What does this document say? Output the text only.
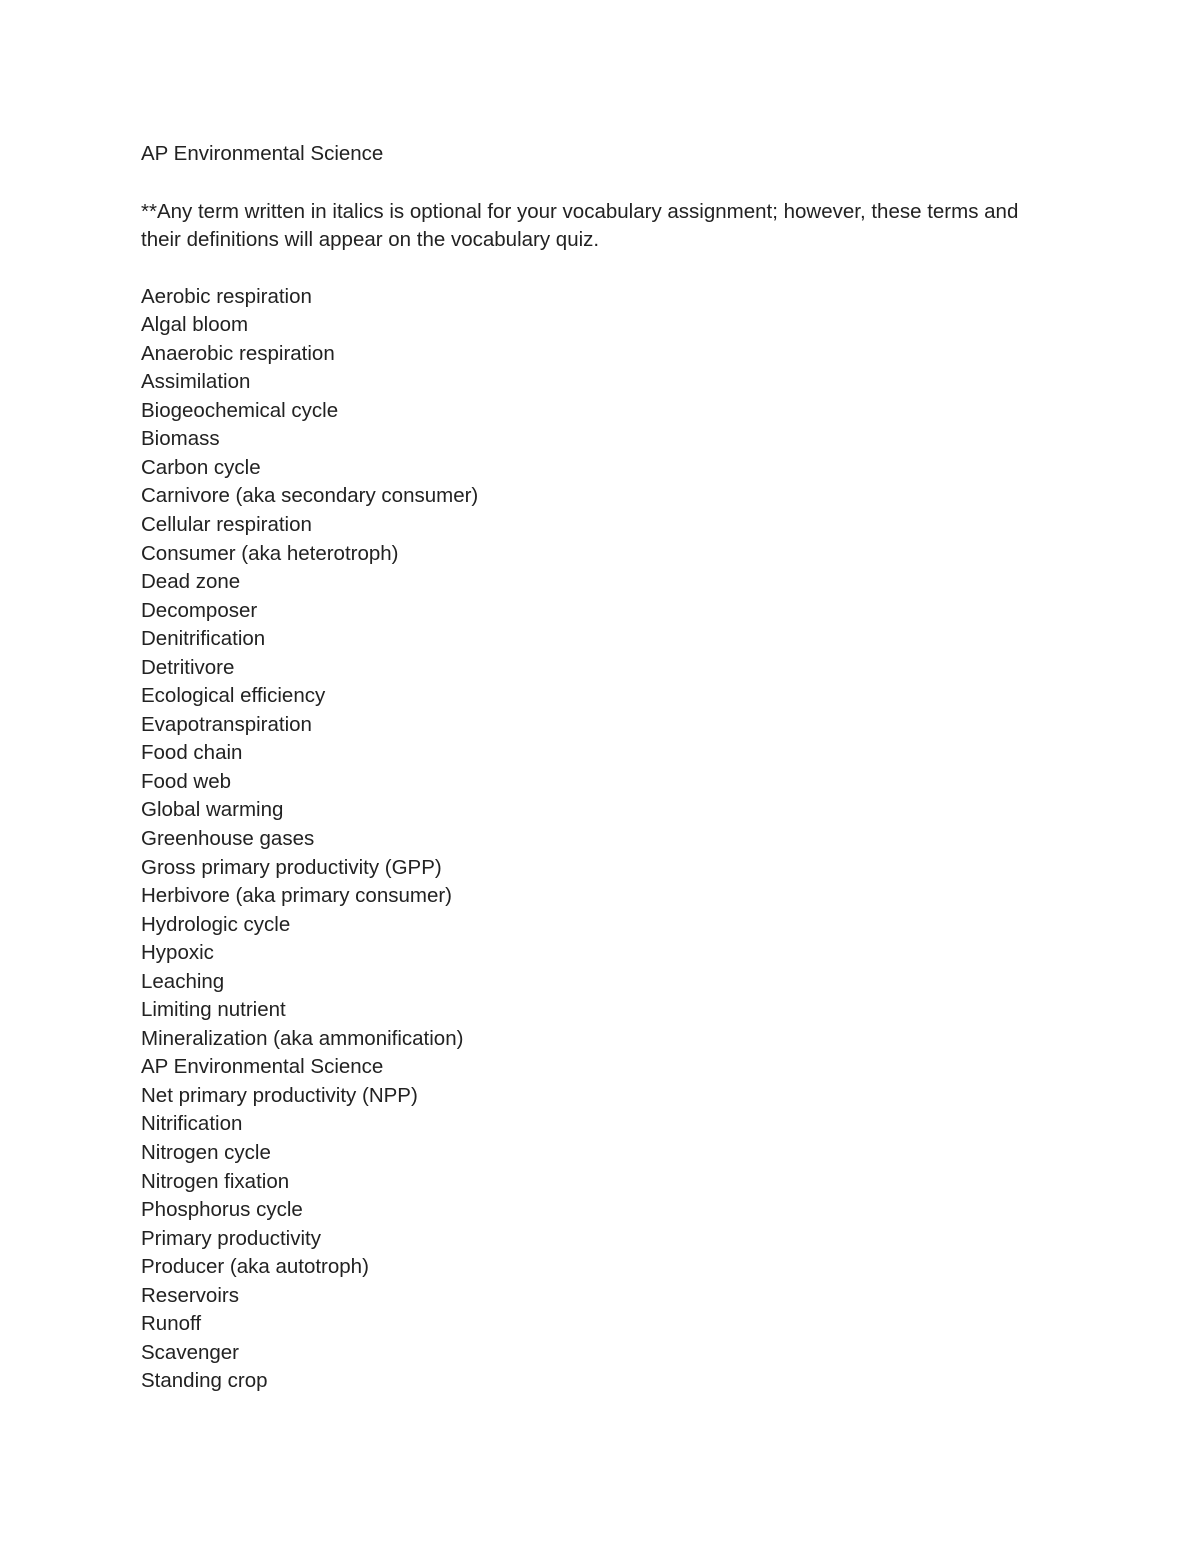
AP Environmental Science

**Any term written in italics is optional for your vocabulary assignment; however, these terms and their definitions will appear on the vocabulary quiz.

Aerobic respiration
Algal bloom
Anaerobic respiration
Assimilation
Biogeochemical cycle
Biomass
Carbon cycle
Carnivore (aka secondary consumer)
Cellular respiration
Consumer (aka heterotroph)
Dead zone
Decomposer
Denitrification
Detritivore
Ecological efficiency
Evapotranspiration
Food chain
Food web
Global warming
Greenhouse gases
Gross primary productivity (GPP)
Herbivore (aka primary consumer)
Hydrologic cycle
Hypoxic
Leaching
Limiting nutrient
Mineralization (aka ammonification)
AP Environmental Science
Net primary productivity (NPP)
Nitrification
Nitrogen cycle
Nitrogen fixation
Phosphorus cycle
Primary productivity
Producer (aka autotroph)
Reservoirs
Runoff
Scavenger
Standing crop
